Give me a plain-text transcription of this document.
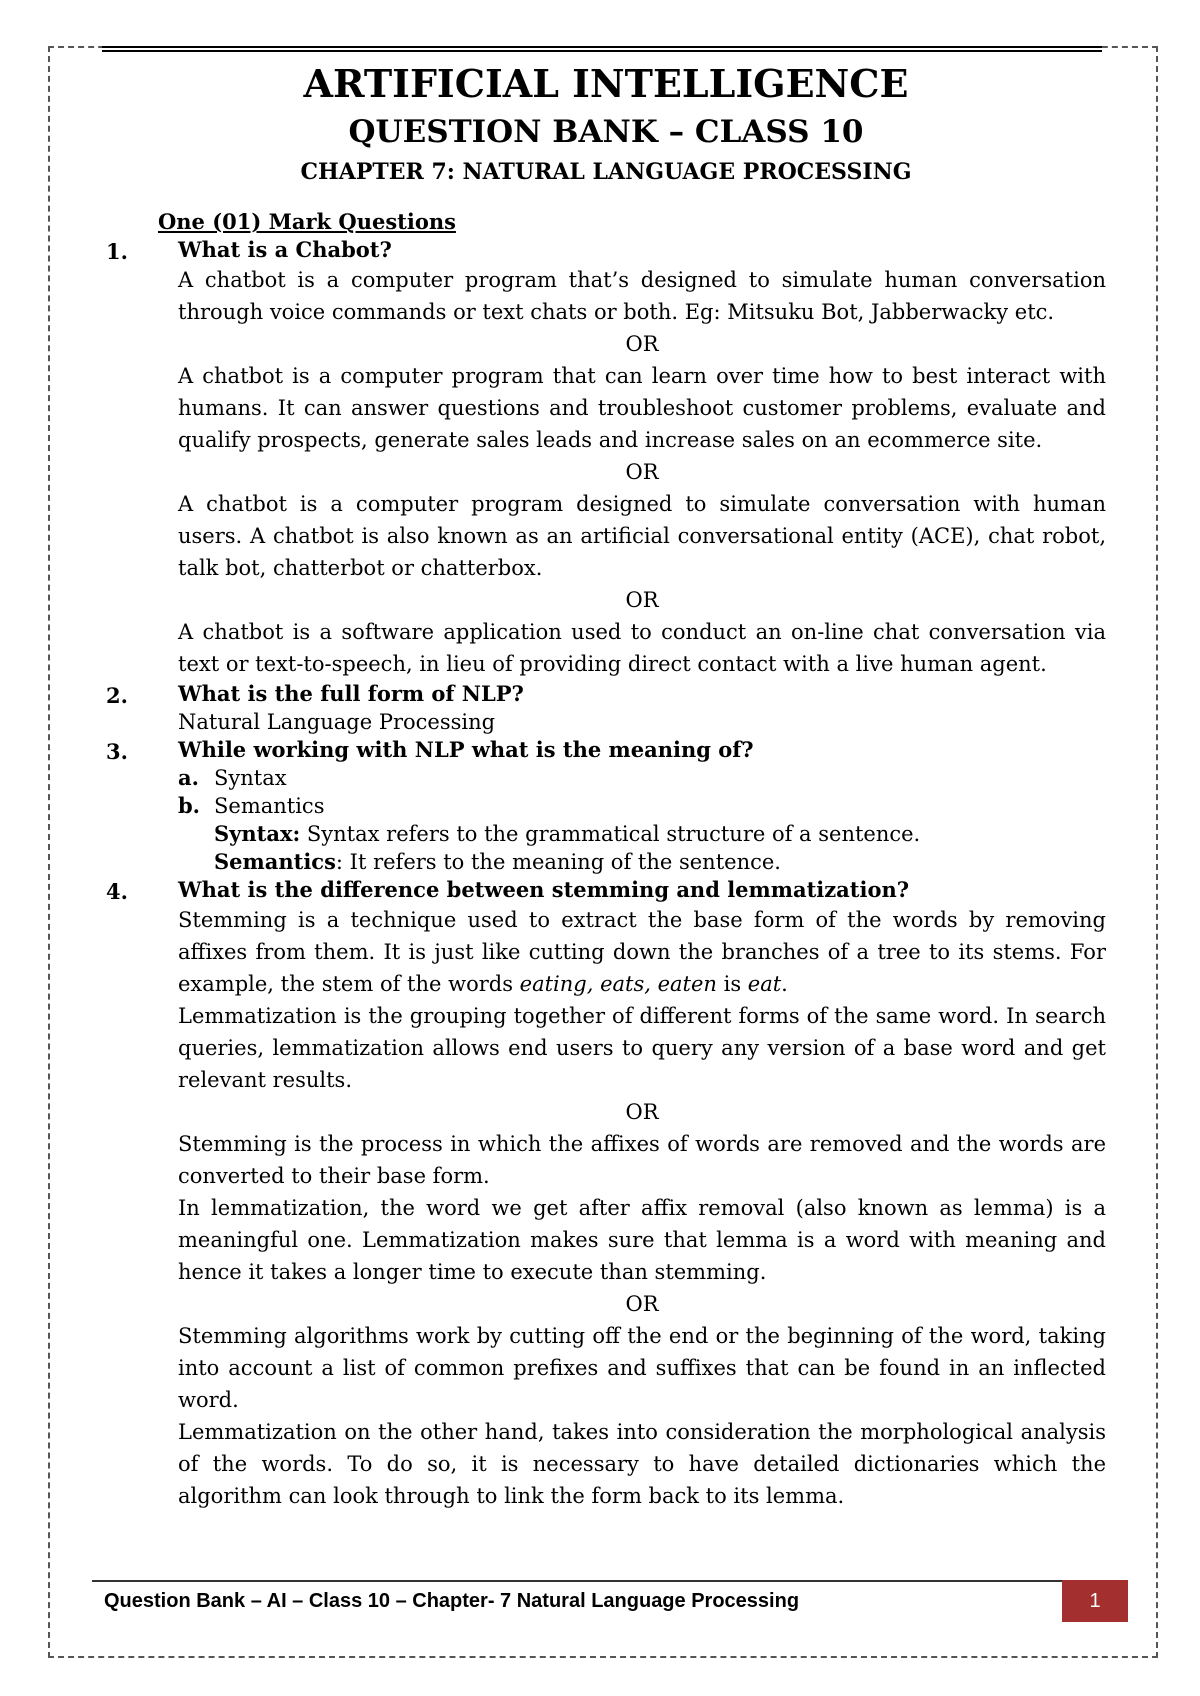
ARTIFICIAL INTELLIGENCE
QUESTION BANK – CLASS 10
CHAPTER 7: NATURAL LANGUAGE PROCESSING
One (01) Mark Questions
1. What is a Chabot?

A chatbot is a computer program that’s designed to simulate human conversation through voice commands or text chats or both. Eg: Mitsuku Bot, Jabberwacky etc.

OR

A chatbot is a computer program that can learn over time how to best interact with humans. It can answer questions and troubleshoot customer problems, evaluate and qualify prospects, generate sales leads and increase sales on an ecommerce site.

OR

A chatbot is a computer program designed to simulate conversation with human users. A chatbot is also known as an artificial conversational entity (ACE), chat robot, talk bot, chatterbot or chatterbox.

OR

A chatbot is a software application used to conduct an on-line chat conversation via text or text-to-speech, in lieu of providing direct contact with a live human agent.

2. What is the full form of NLP?
Natural Language Processing
3. While working with NLP what is the meaning of?
a. Syntax
b. Semantics
Syntax: Syntax refers to the grammatical structure of a sentence.
Semantics: It refers to the meaning of the sentence.
4. What is the difference between stemming and lemmatization?

Stemming is a technique used to extract the base form of the words by removing affixes from them. It is just like cutting down the branches of a tree to its stems. For example, the stem of the words eating, eats, eaten is eat.

Lemmatization is the grouping together of different forms of the same word. In search queries, lemmatization allows end users to query any version of a base word and get relevant results.

OR

Stemming is the process in which the affixes of words are removed and the words are converted to their base form.

In lemmatization, the word we get after affix removal (also known as lemma) is a meaningful one. Lemmatization makes sure that lemma is a word with meaning and hence it takes a longer time to execute than stemming.

OR

Stemming algorithms work by cutting off the end or the beginning of the word, taking into account a list of common prefixes and suffixes that can be found in an inflected word.

Lemmatization on the other hand, takes into consideration the morphological analysis of the words. To do so, it is necessary to have detailed dictionaries which the algorithm can look through to link the form back to its lemma.

Question Bank – AI – Class 10 – Chapter- 7 Natural Language Processing	1
